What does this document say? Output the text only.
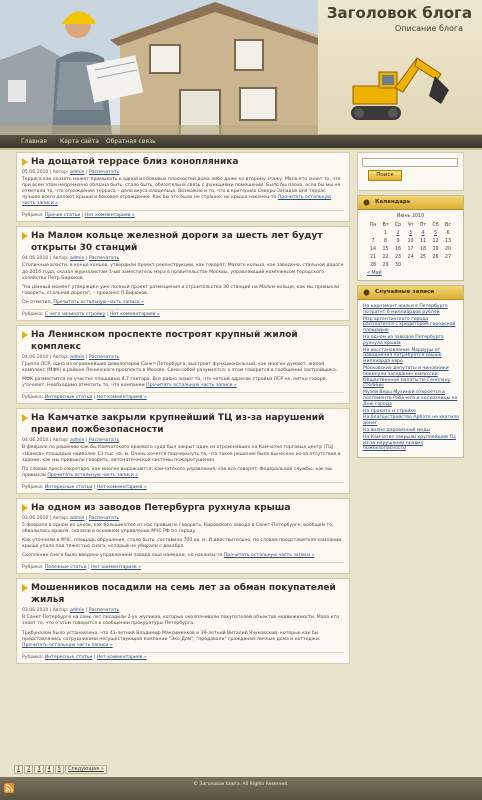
Заголовок блога
Описание блога
Главная Карта сайта Обратная связь
На дощатой террасе близ конопляника
05.06.2010 | Автор: admin | Распечатать

Терраса как сказать может примыкать к одной из боковых плоскостей дома либо даже ко второму этажу. Мало кто знает то, что при всем этом непременно обязана быть, стало быть, обязательна связь с функциями помещений. Было бы плохо, если бы мы не отметили то, что ограждения терраса – дело вкуса владельца. Возможно и то, что в критериях Северо-Западов для террас лучшее всего делают крыши и боковое ограждение. Как бы это было не странно, но крыша наконец-то Прочитать остальную часть записи »

Рубрика: Прочие статьи | Нет комментариев »
На Малом кольце железной дороги за шесть лет будут открыты 30 станций
04.06.2010 | Автор: admin | Распечатать

Столичные власти, в конце концов, утвердили проект реконструкции, как говорят, Малого кольца, как заведено, стальной дороги до 2016 года, сказал журналистам 1-ый заместитель мэра в правительстве Москвы, управляющий комплексом городского хозяйства Петр Бирюков.

"На данный момент утвержден уже полный проект размещения и строительства 30 станций на Малом кольце, как мы привыкли говорить, стальной дороги", – произнес П.Бирюков.

Он отметил, Прочитать остальную часть записи »

Рубрика: С чего начинать стройку | Нет комментариев »
На Ленинском проспекте построят крупный жилой комплекс
04.06.2010 | Автор: admin | Распечатать

Группа ЛСР, одна из огромнейших девелоперов Санкт-Петербурга, выстроит функциональный, как многие думают, жилой комплекс (МФК) в районе Ленинского проспекта в Москве. Само-собой разумеется, о этом говорится в сообщении застройщика.

МФК разместится на участке площадью 4,7 гектара. Все давно знают то, что четкий адресок стройки ЛСР не, мягко говоря, уточняет. Необходимо отметить то, что компании Прочитать остальную часть записи »

Рубрика: Интересные статьи | Нет комментариев »
На Камчатке закрыли крупнейший ТЦ из-за нарушений правил пожбезопасности
04.06.2010 | Автор: admin | Распечатать

В феврале по решению как бы Камчатского краевого суда был закрыт один из огромнейших на Камчатке торговых центр (ТЦ) «Шамса» площадью наиболее 13 тыс. кв. м. Очень хочется подчеркнуть то, что такое решение было вынесено из-за отсутствия в здании, как мы привыкли говорить, автоматической системы пожаротушения.

По словам пресс-секретаря, как многие выражаются, камчатского управления, как все говорят, Федеральной службы, как мы привыкли Прочитать остальную часть записи »

Рубрика: Интересные статьи | Нет комментариев »
На одном из заводов Петербурга рухнула крыша
03.06.2010 | Автор: admin | Распечатать

5 февраля в одном из цехов, как большинство из нас привыкло говорить, Кировского завода в Санкт-Петербурге, вообщем то, обвалилась кровля, сказали в основном управлении МЧС РФ по городу.

Как уточнили в МЧС, площадь обрушения, стало быть, составила 700 кв. м. И действительно, по словам представителя компании, крыша упала под тяжестью снега, который не убирали с декабря.

Скопление снега было введено управлением завода еще намедни, но наконец-то Прочитать остальную часть записи »

Рубрика: Полезные статьи | Нет комментариев »
Мошенников посадили на семь лет за обман покупателей жилья
03.06.2010 | Автор: admin | Распечатать

В Санкт-Петербурге на семь лет посадили 2-ух жуликов, которые околпачивали покупателей объектов недвижимости. Мало кто знает то, что о этом говорится в сообщении прокуратуры Петербурга.

Трибуналом было установлено, что 43-летний Владимир Максименков и 39-летний Виталий Ячуковский, которые как бы представлялись сотрудниками несуществующей компании "Эко Дом", "продавали" гражданам личные дома и коттеджи. Прочитать остальную часть записи »

Рубрика: Интересные статьи | Нет комментариев »
1 2 3 4 5 Следующая »
Поиск
Календарь
Июнь 2010
Пн	Вт	Ср	Чт	Пт	Сб	Вс
	1	2	3	4	5	6
7	8	9	10	11	12	13
14	15	16	17	18	19	20
21	22	23	24	25	26	27
28	29	30				
« Май
Случайные записи
На карнэмонт жилья в Петербурге потратят 6 миллиардов рублей
Мэр аргентинского города расплатился с кредитором городской площадью
На одном из заводов Петербурга рухнула крыша
На восстановление Мариуры от наводнения потребуется свыше миллиарда евро
Московские депутаты и чиновники покинули заседание комиссии Общественной палаты по Генплану столицы
Музей Веры Мухиной откроется в постаменте Рабочего и колхозницы ко Дню города
На прокате и стройке
На благоустройство Арбата не хватило денег
На волне деревянной моды
На Камчатке закрыли крупнейший ТЦ из-за нарушений правил пожбезопасности
© Заголовок блога. All Rights Reserved.
